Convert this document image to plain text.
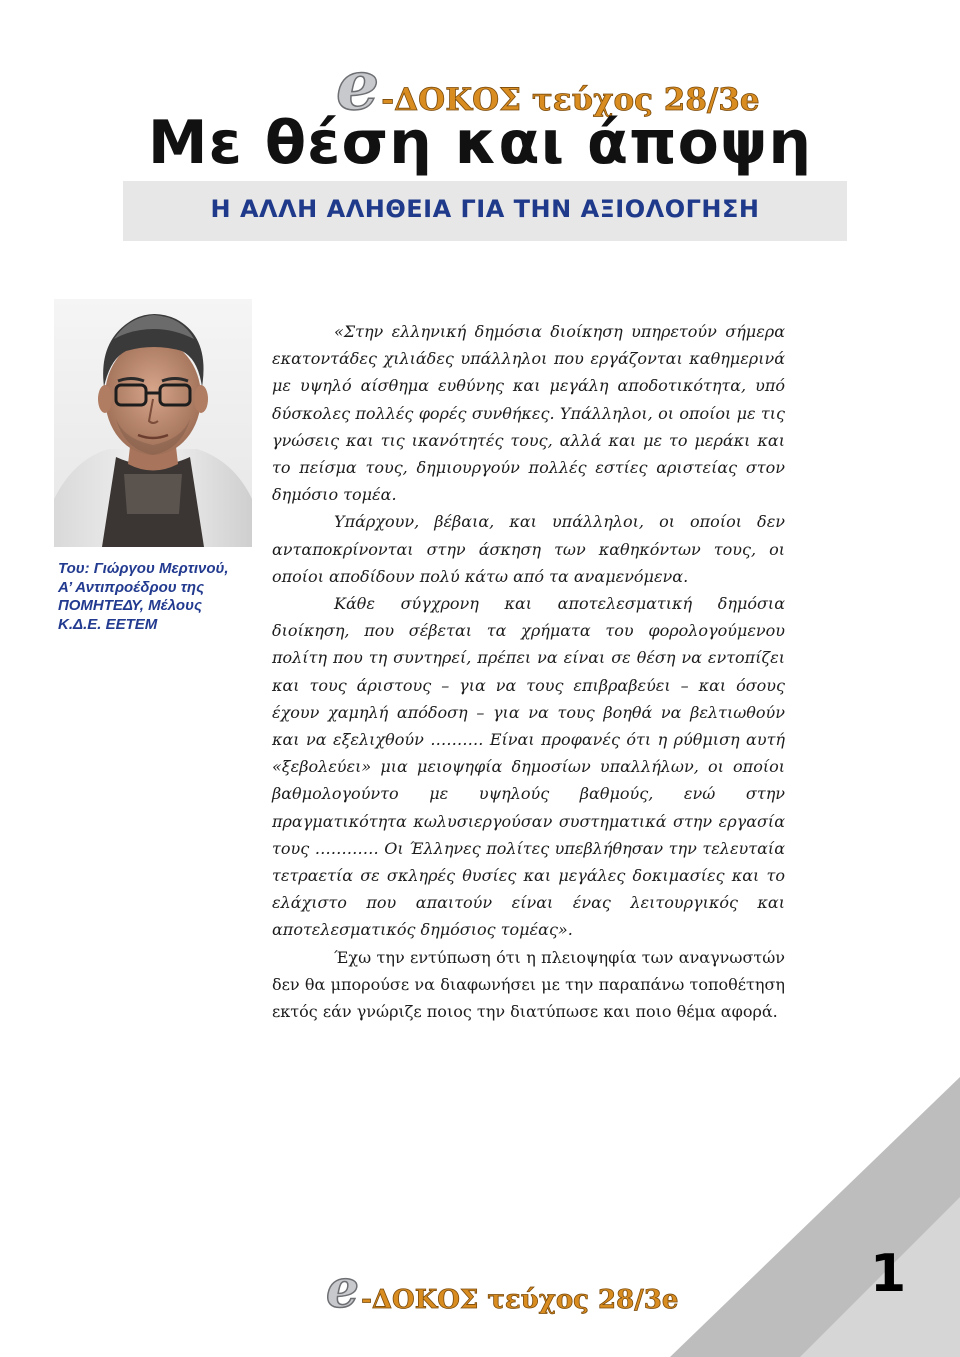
e -ΔΟΚΟΣ τεύχος 28/3e
Με θέση και άποψη
Η ΑΛΛΗ ΑΛΗΘΕΙΑ ΓΙΑ ΤΗΝ ΑΞΙΟΛΟΓΗΣΗ
Του: Γιώργου Μερτινού,
Α’ Αντιπροέδρου της
ΠΟΜΗΤΕΔΥ, Μέλους
Κ.Δ.Ε. ΕΕΤΕΜ

«Στην ελληνική δημόσια διοίκηση υπηρετούν σήμερα εκατοντάδες χιλιάδες υπάλληλοι που εργάζονται καθημερινά με υψηλό αίσθημα ευθύνης και μεγάλη αποδοτικότητα, υπό δύσκολες πολλές φορές συνθήκες. Υπάλληλοι, οι οποίοι με τις γνώσεις και τις ικανότητές τους, αλλά και με το μεράκι και το πείσμα τους, δημιουργούν πολλές εστίες αριστείας στον δημόσιο τομέα.

Υπάρχουν, βέβαια, και υπάλληλοι, οι οποίοι δεν ανταποκρίνονται στην άσκηση των καθηκόντων τους, οι οποίοι αποδίδουν πολύ κάτω από τα αναμενόμενα.

Κάθε σύγχρονη και αποτελεσματική δημόσια διοίκηση, που σέβεται τα χρήματα του φορολογούμενου πολίτη που τη συντηρεί, πρέπει να είναι σε θέση να εντοπίζει και τους άριστους – για να τους επιβραβεύει – και όσους έχουν χαμηλή απόδοση – για να τους βοηθά να βελτιωθούν και να εξελιχθούν ………. Είναι προφανές ότι η ρύθμιση αυτή «ξεβολεύει» μια μειοψηφία δημοσίων υπαλλήλων, οι οποίοι βαθμολογούντο με υψηλούς βαθμούς, ενώ στην πραγματικότητα κωλυσιεργούσαν συστηματικά στην εργασία τους ………… Οι Έλληνες πολίτες υπεβλήθησαν την τελευταία τετραετία σε σκληρές θυσίες και μεγάλες δοκιμασίες και το ελάχιστο που απαιτούν είναι ένας λειτουργικός και αποτελεσματικός δημόσιος τομέας».

Έχω την εντύπωση ότι η πλειοψηφία των αναγνωστών δεν θα μπορούσε να διαφωνήσει με την παραπάνω τοποθέτηση εκτός εάν γνώριζε ποιος την διατύπωσε και ποιο θέμα αφορά.

e -ΔΟΚΟΣ τεύχος 28/3e	1
